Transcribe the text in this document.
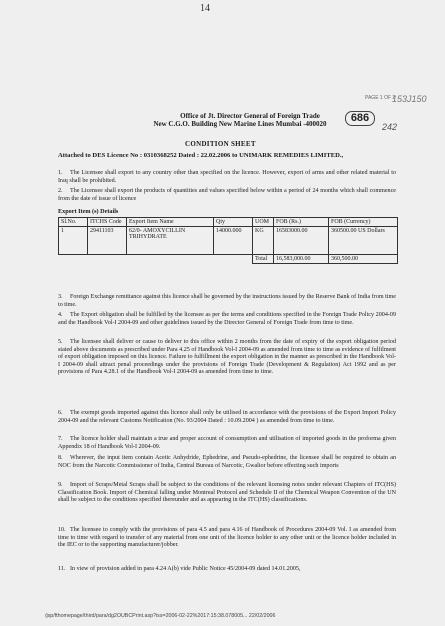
14
PAGE 1 OF 2
153J150
686
242
Office of Jt. Director General of Foreign Trade
New C.G.O. Building New Marine Lines Mumbai -400020
CONDITION SHEET
Attached to DES Licence No : 0310368252 Dated : 22.02.2006 to UNIMARK REMEDIES LIMITED.,
1. The Licensee shall export to any country other than specified on the licence. However, export of arms and other related material to Iraq shall be prohibited.
2. The Licensee shall export the products of quantities and values specified below within a period of 24 months which shall commence from the date of issue of licence
Export Item (s) Details
Sl.No.	ITCHS Code	Export Item Name	Qty	UOM	FOB (Rs.)	FOB (Currency)
1	29411103	62/0- AMOXYCILLIN TRIHYDRATE	14000.000	KG	16583000.00	360500.00 US Dollars
				Total	16,583,000.00	360,500.00
3. Foreign Exchange remittance against this licence shall be governed by the instructions issued by the Reserve Bank of India from time to time.
4. The Export obligation shall be fulfilled by the licensee as per the terms and conditions specified in the Foreign Trade Policy 2004-09 and the Handbook Vol-I 2004-09 and other guidelines issued by the Director General of Foreign Trade from time to time.
5. The licensee shall deliver or cause to deliver to this office within 2 months from the date of expiry of the export obligation period stated above documents as prescribed under Para 4.25 of Handbook Vol-I 2004-09 as amended from time to time as evidence of fulfilment of export obligation imposed on this licence. Failure to fulfillment the export obligation in the manner as prescribed in the Handbook Vol-I 2004-09 shall attract penal proceedings under the provisions of Foreign Trade (Development & Regulation) Act 1992 and as per provisions of Para 4.28.1 of the Handbook Vol-I 2004-09 as amended from time to time.
6. The exempt goods imported against this licence shall only be utilised in accordance with the provisions of the Export Import Policy 2004-09 and the relevant Customs Notification (No. 93/2004 Dated : 10.09.2004 ) as amended from time to time.
7. The licence holder shall maintain a true and proper account of consumption and utilisation of imported goods in the proforma given Appendix 18 of Handbook Vol-I 2004-09.
8. Wherever, the input item contain Acetic Anhydride, Ephedrine, and Pseudo-ephedrine, the licensee shall be required to obtain an NOC from the Narcotic Commissioner of India, Central Bureau of Narcotic, Gwalior before effecting such imports
9. Import of Scraps/Metal Scraps shall be subject to the conditions of the relevant licensing notes under relevant Chapters of ITC(HS) Classification Book. Import of Chemical falling under Montreal Protocol and Schedule II of the Chemical Weapon Convention of the UN shall be subject to the conditions specified thereunder and as appearing in the ITC(HS) classifications.
10. The licensee to comply with the provisions of para 4.5 and para 4.16 of Handbook of Procedures 2004-09 Vol. I as amended from time to time with regard to transfer of any material from one unit of the licence holder to any other unit or the licence holder included in the IEC or to the supporting manufacturer/jobber.
11. In view of provision added in para 4.24 A(b) vide Public Notice 45/2004-09 dated 14.01.2005,
/jsp/fthomepage/third/para/dg2OUBCPrint.asp?iss=2006-02-22%2017:15:38.078005... 22/02/2006
